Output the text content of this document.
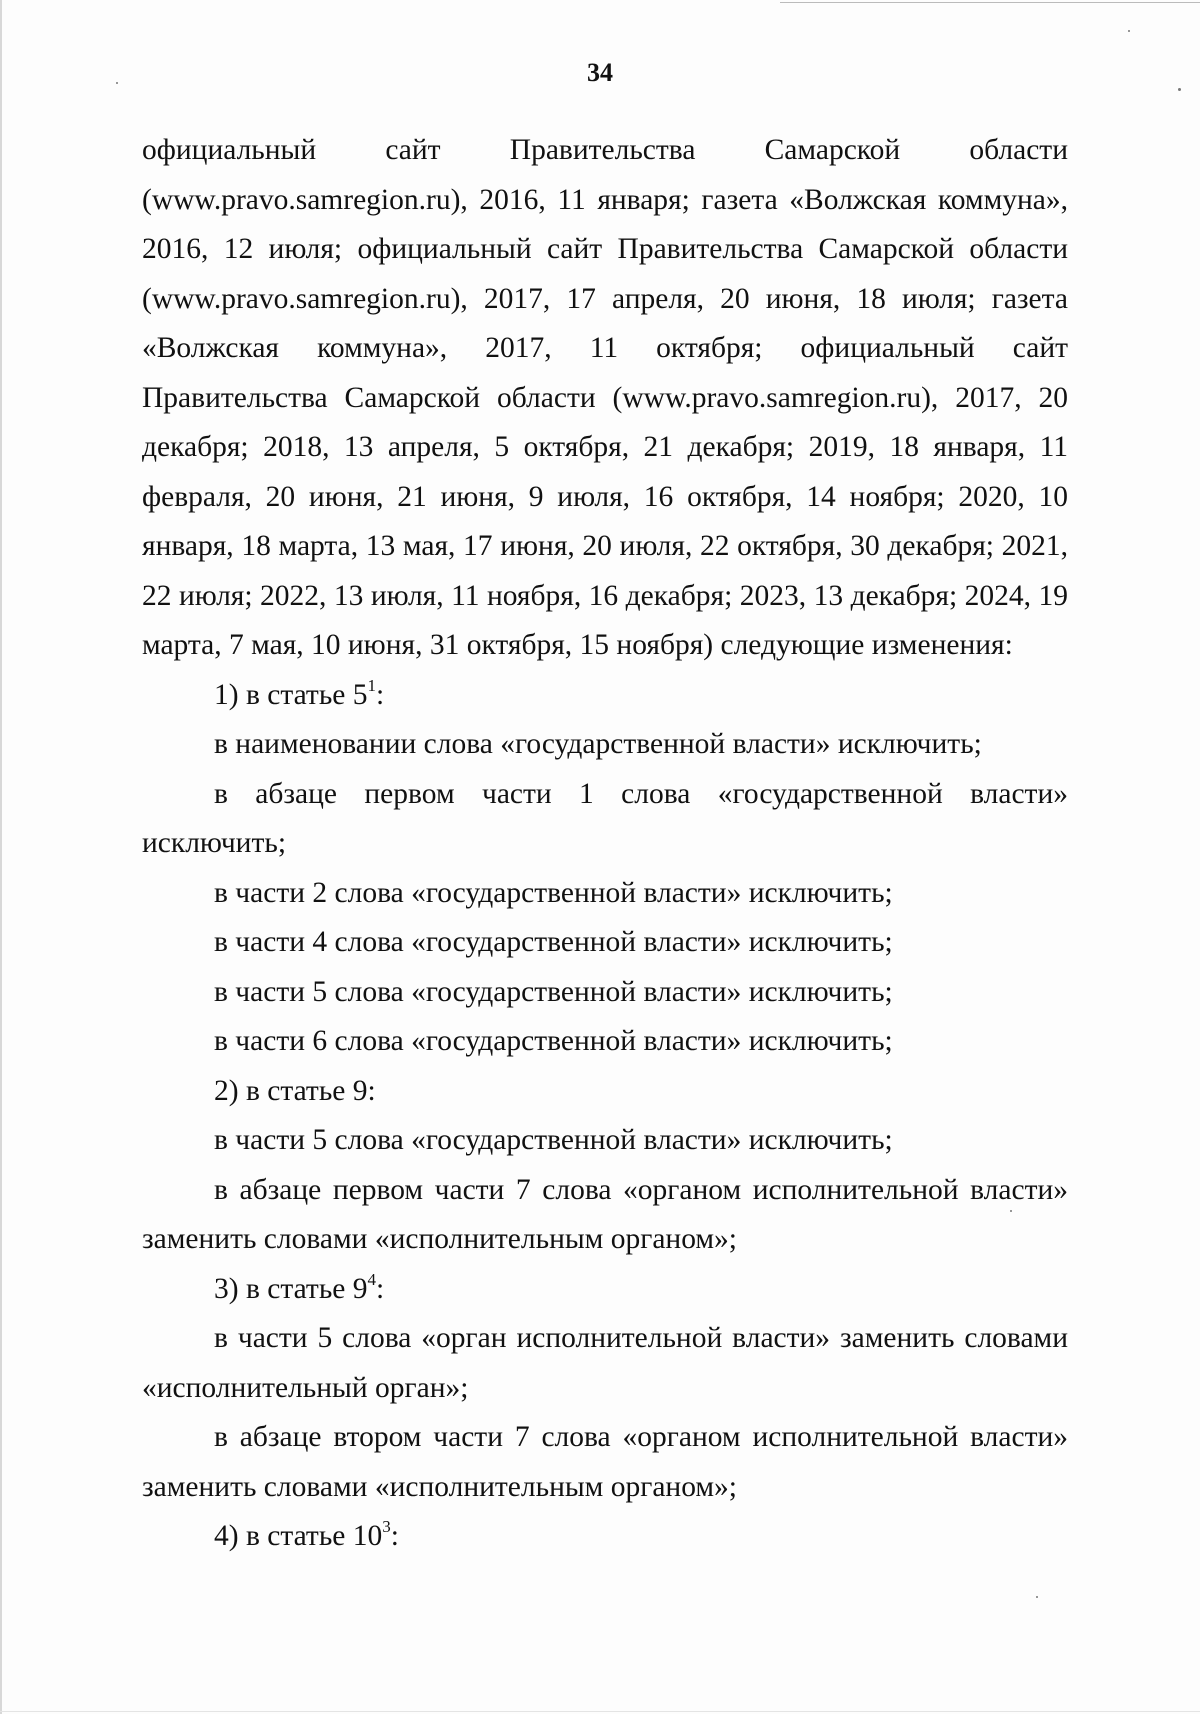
34

официальный сайт Правительства Самарской области (www.pravo.samregion.ru), 2016, 11 января; газета «Волжская коммуна», 2016, 12 июля; официальный сайт Правительства Самарской области (www.pravo.samregion.ru), 2017, 17 апреля, 20 июня, 18 июля; газета «Волжская коммуна», 2017, 11 октября; официальный сайт Правительства Самарской области (www.pravo.samregion.ru), 2017, 20 декабря; 2018, 13 апреля, 5 октября, 21 декабря; 2019, 18 января, 11 февраля, 20 июня, 21 июня, 9 июля, 16 октября, 14 ноября; 2020, 10 января, 18 марта, 13 мая, 17 июня, 20 июля, 22 октября, 30 декабря; 2021, 22 июля; 2022, 13 июля, 11 ноября, 16 декабря; 2023, 13 декабря; 2024, 19 марта, 7 мая, 10 июня, 31 октября, 15 ноября) следующие изменения:

1) в статье $5^1$:

в наименовании слова «государственной власти» исключить;

в абзаце первом части 1 слова «государственной власти» исключить;

в части 2 слова «государственной власти» исключить;

в части 4 слова «государственной власти» исключить;

в части 5 слова «государственной власти» исключить;

в части 6 слова «государственной власти» исключить;

2) в статье 9:

в части 5 слова «государственной власти» исключить;

в абзаце первом части 7 слова «органом исполнительной власти» заменить словами «исполнительным органом»;

3) в статье $9^4$:

в части 5 слова «орган исполнительной власти» заменить словами «исполнительный орган»;

в абзаце втором части 7 слова «органом исполнительной власти» заменить словами «исполнительным органом»;

4) в статье $10^3$:
